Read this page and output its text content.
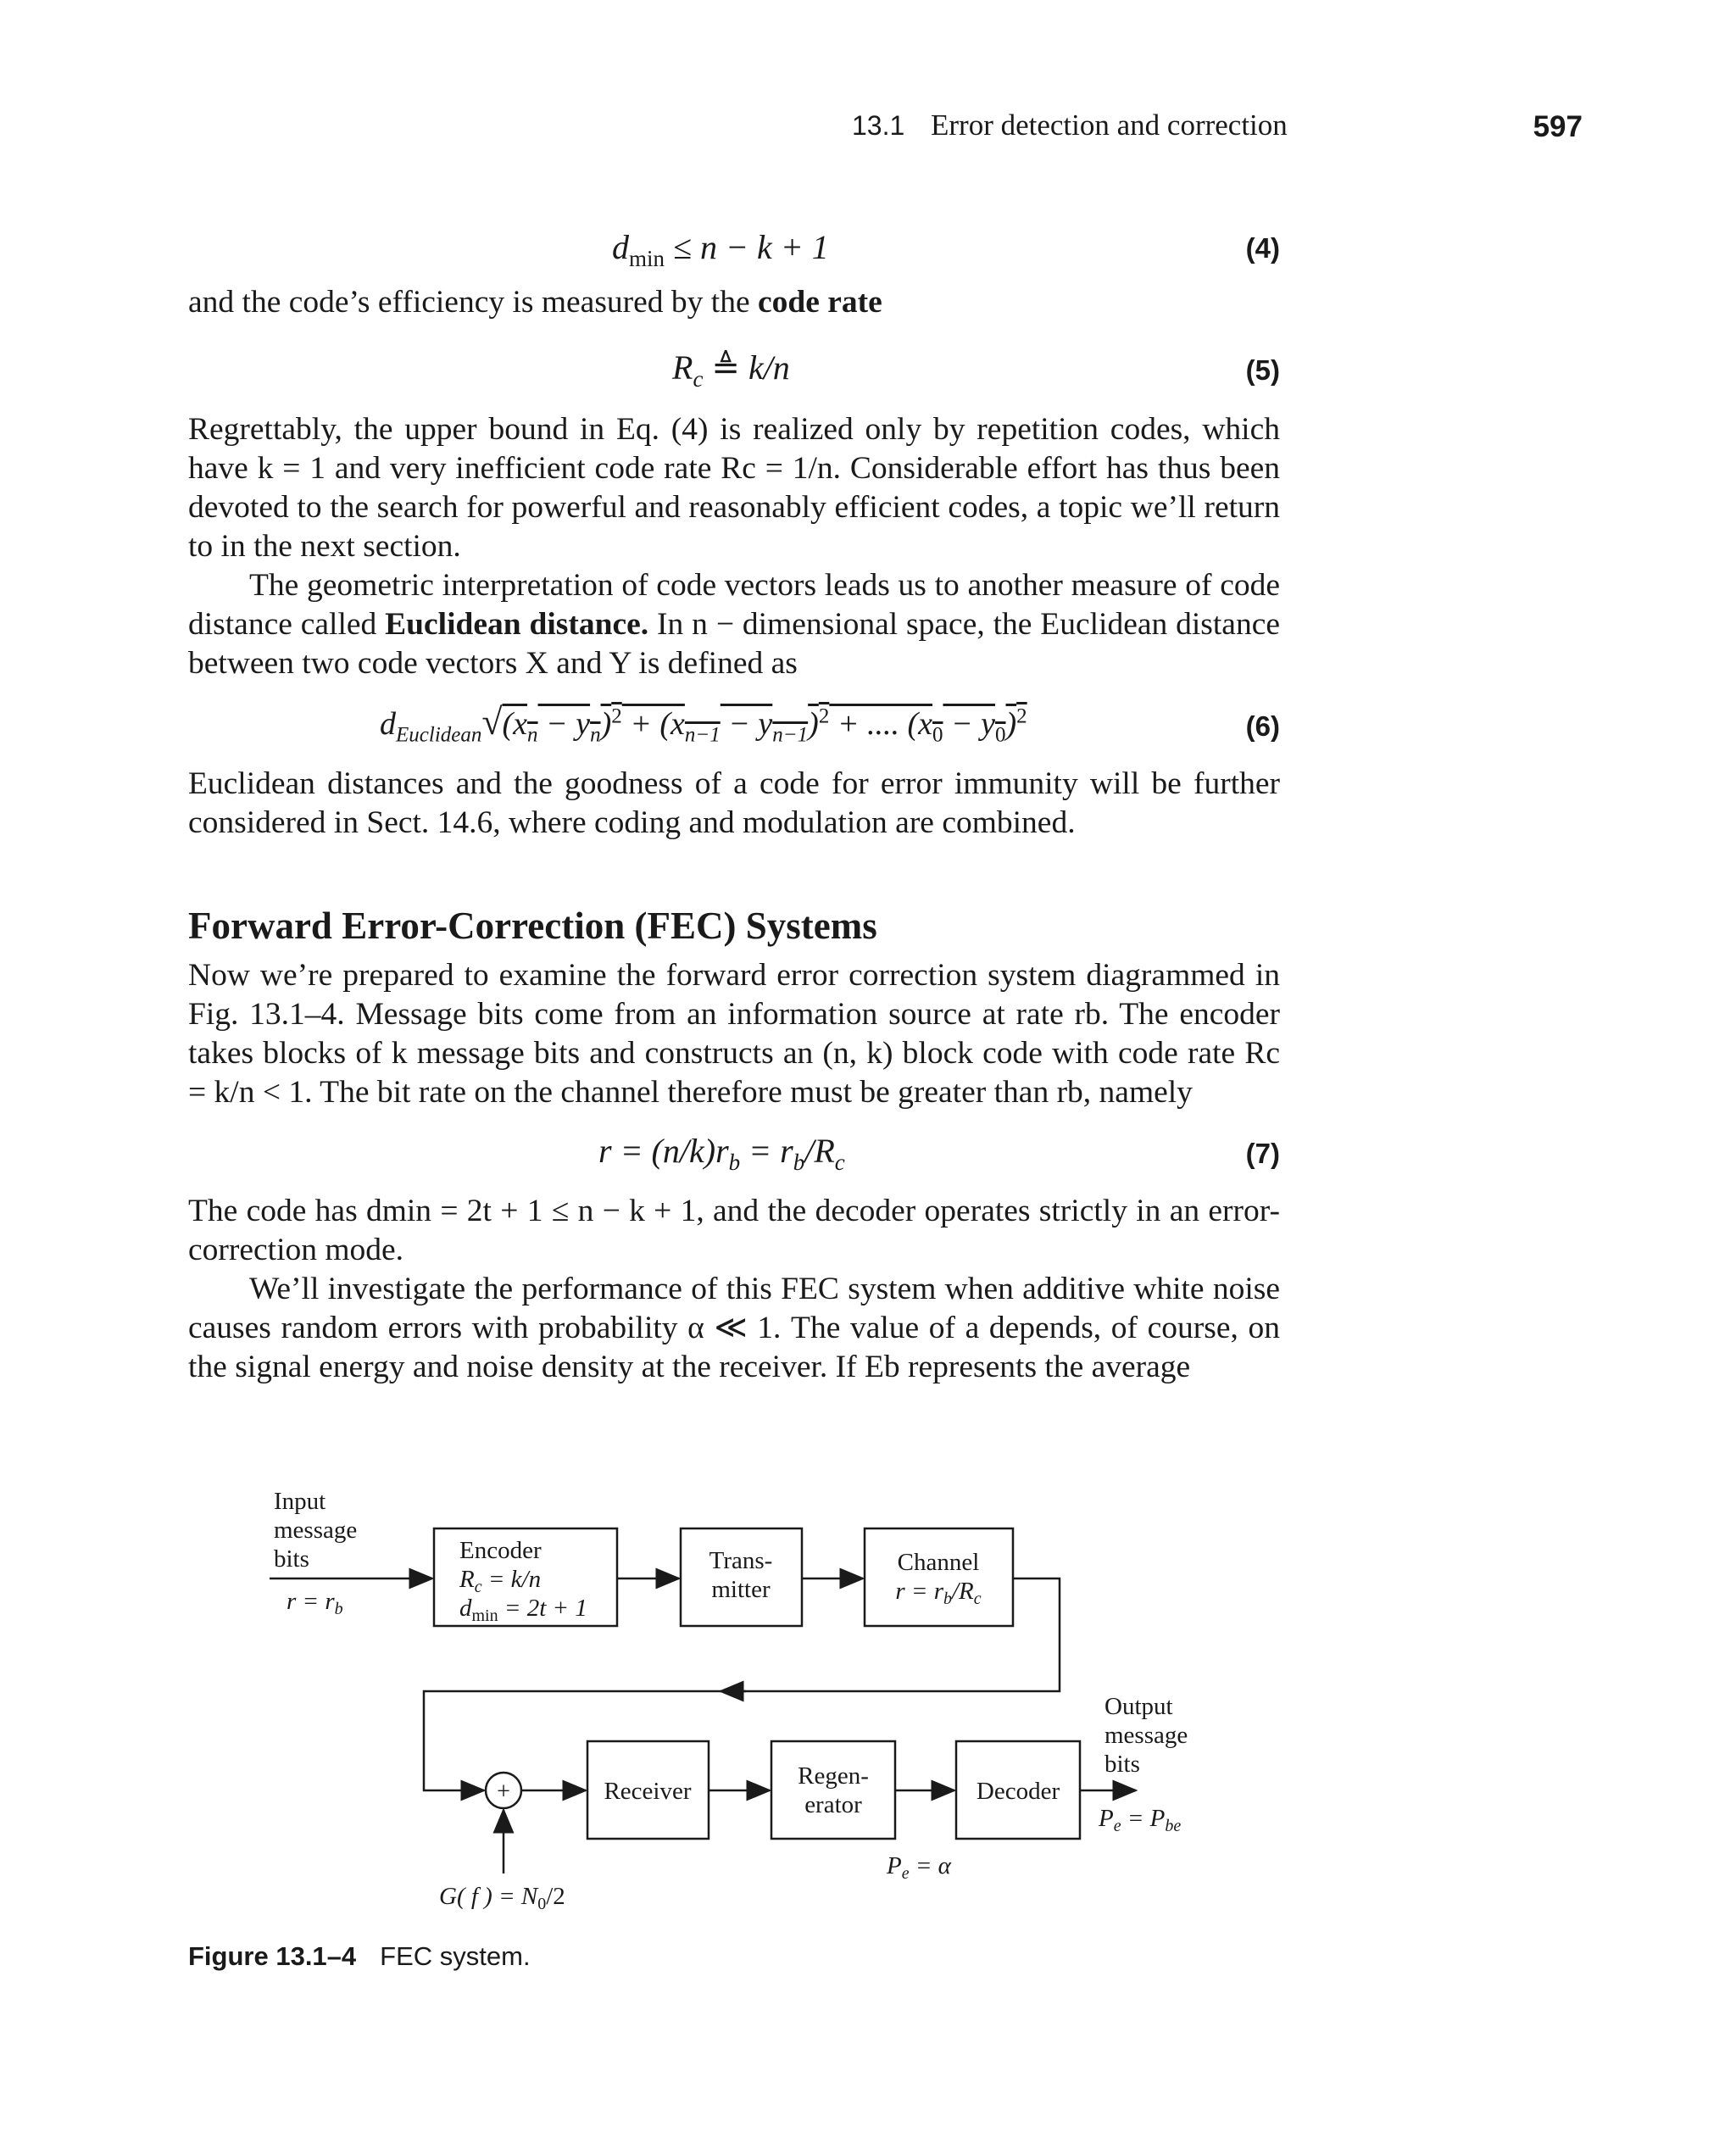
13.1 Error detection and correction	597
$d_{min} \le n - k + 1$	(4)
and the code’s efficiency is measured by the code rate
$R_c$ ≜ k/n	(5)
Regrettably, the upper bound in Eq. (4) is realized only by repetition codes, which have k = 1 and very inefficient code rate Rc = 1/n. Considerable effort has thus been devoted to the search for powerful and reasonably efficient codes, a topic we’ll return to in the next section.
The geometric interpretation of code vectors leads us to another measure of code distance called Euclidean distance. In n − dimensional space, the Euclidean distance between two code vectors X and Y is defined as
$d_{Euclidean}√(x_n - y_n)^2 + (x_{n-1} - y_{n-1})^2$ + .... $(x_0 - y_0)^2$	(6)
Euclidean distances and the goodness of a code for error immunity will be further considered in Sect. 14.6, where coding and modulation are combined.
Forward Error-Correction (FEC) Systems
Now we’re prepared to examine the forward error correction system diagrammed in Fig. 13.1–4. Message bits come from an information source at rate rb. The encoder takes blocks of k message bits and constructs an (n, k) block code with code rate Rc = k/n < 1. The bit rate on the channel therefore must be greater than rb, namely
$r = (n/k)r_b = r_b/R_c$	(7)
The code has dmin = 2t + 1 ≤ n − k + 1, and the decoder operates strictly in an error-correction mode.
We’ll investigate the performance of this FEC system when additive white noise causes random errors with probability α ≪ 1. The value of a depends, of course, on the signal energy and noise density at the receiver. If Eb represents the average
Input
message
bits
$r = r_b$
Encoder
$R_c = k/n$
$d_{min} = 2t + 1$
Trans-
mitter
Channel
$r = r_b/R_c$
+	Receiver
Regen-
erator	Decoder
Output
message
bits
$P_e = P_{be}$
$P_e = \alpha$
G( f ) = $N_0/2$
Figure 13.1–4 FEC system.
